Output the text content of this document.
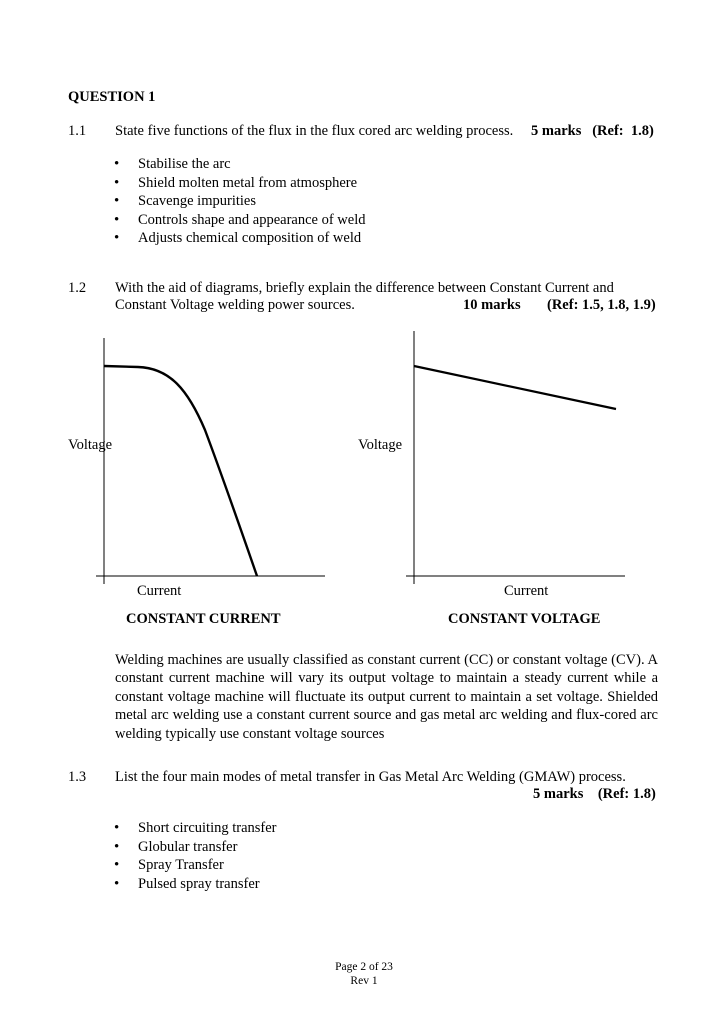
QUESTION 1
1.1 State five functions of the flux in the flux cored arc welding process. 5 marks   (Ref:  1.8)
• Stabilise the arc
• Shield molten metal from atmosphere
• Scavenge impurities
• Controls shape and appearance of weld
• Adjusts chemical composition of weld
1.2 With the aid of diagrams, briefly explain the difference between Constant Current and
Constant Voltage welding power sources.	10 marks (Ref: 1.5, 1.8, 1.9)
Voltage
Current
CONSTANT CURRENT
Voltage
Current
CONSTANT VOLTAGE
Welding machines are usually classified as constant current (CC) or constant voltage (CV). A constant current machine will vary its output voltage to maintain a steady current while a constant voltage machine will fluctuate its output current to maintain a set voltage. Shielded metal arc welding use a constant current source and gas metal arc welding and flux-cored arc welding typically use constant voltage sources
1.3 List the four main modes of metal transfer in Gas Metal Arc Welding (GMAW) process.
5 marks    (Ref: 1.8)
• Short circuiting transfer
• Globular transfer
• Spray Transfer
• Pulsed spray transfer
Page 2 of 23
Rev 1
